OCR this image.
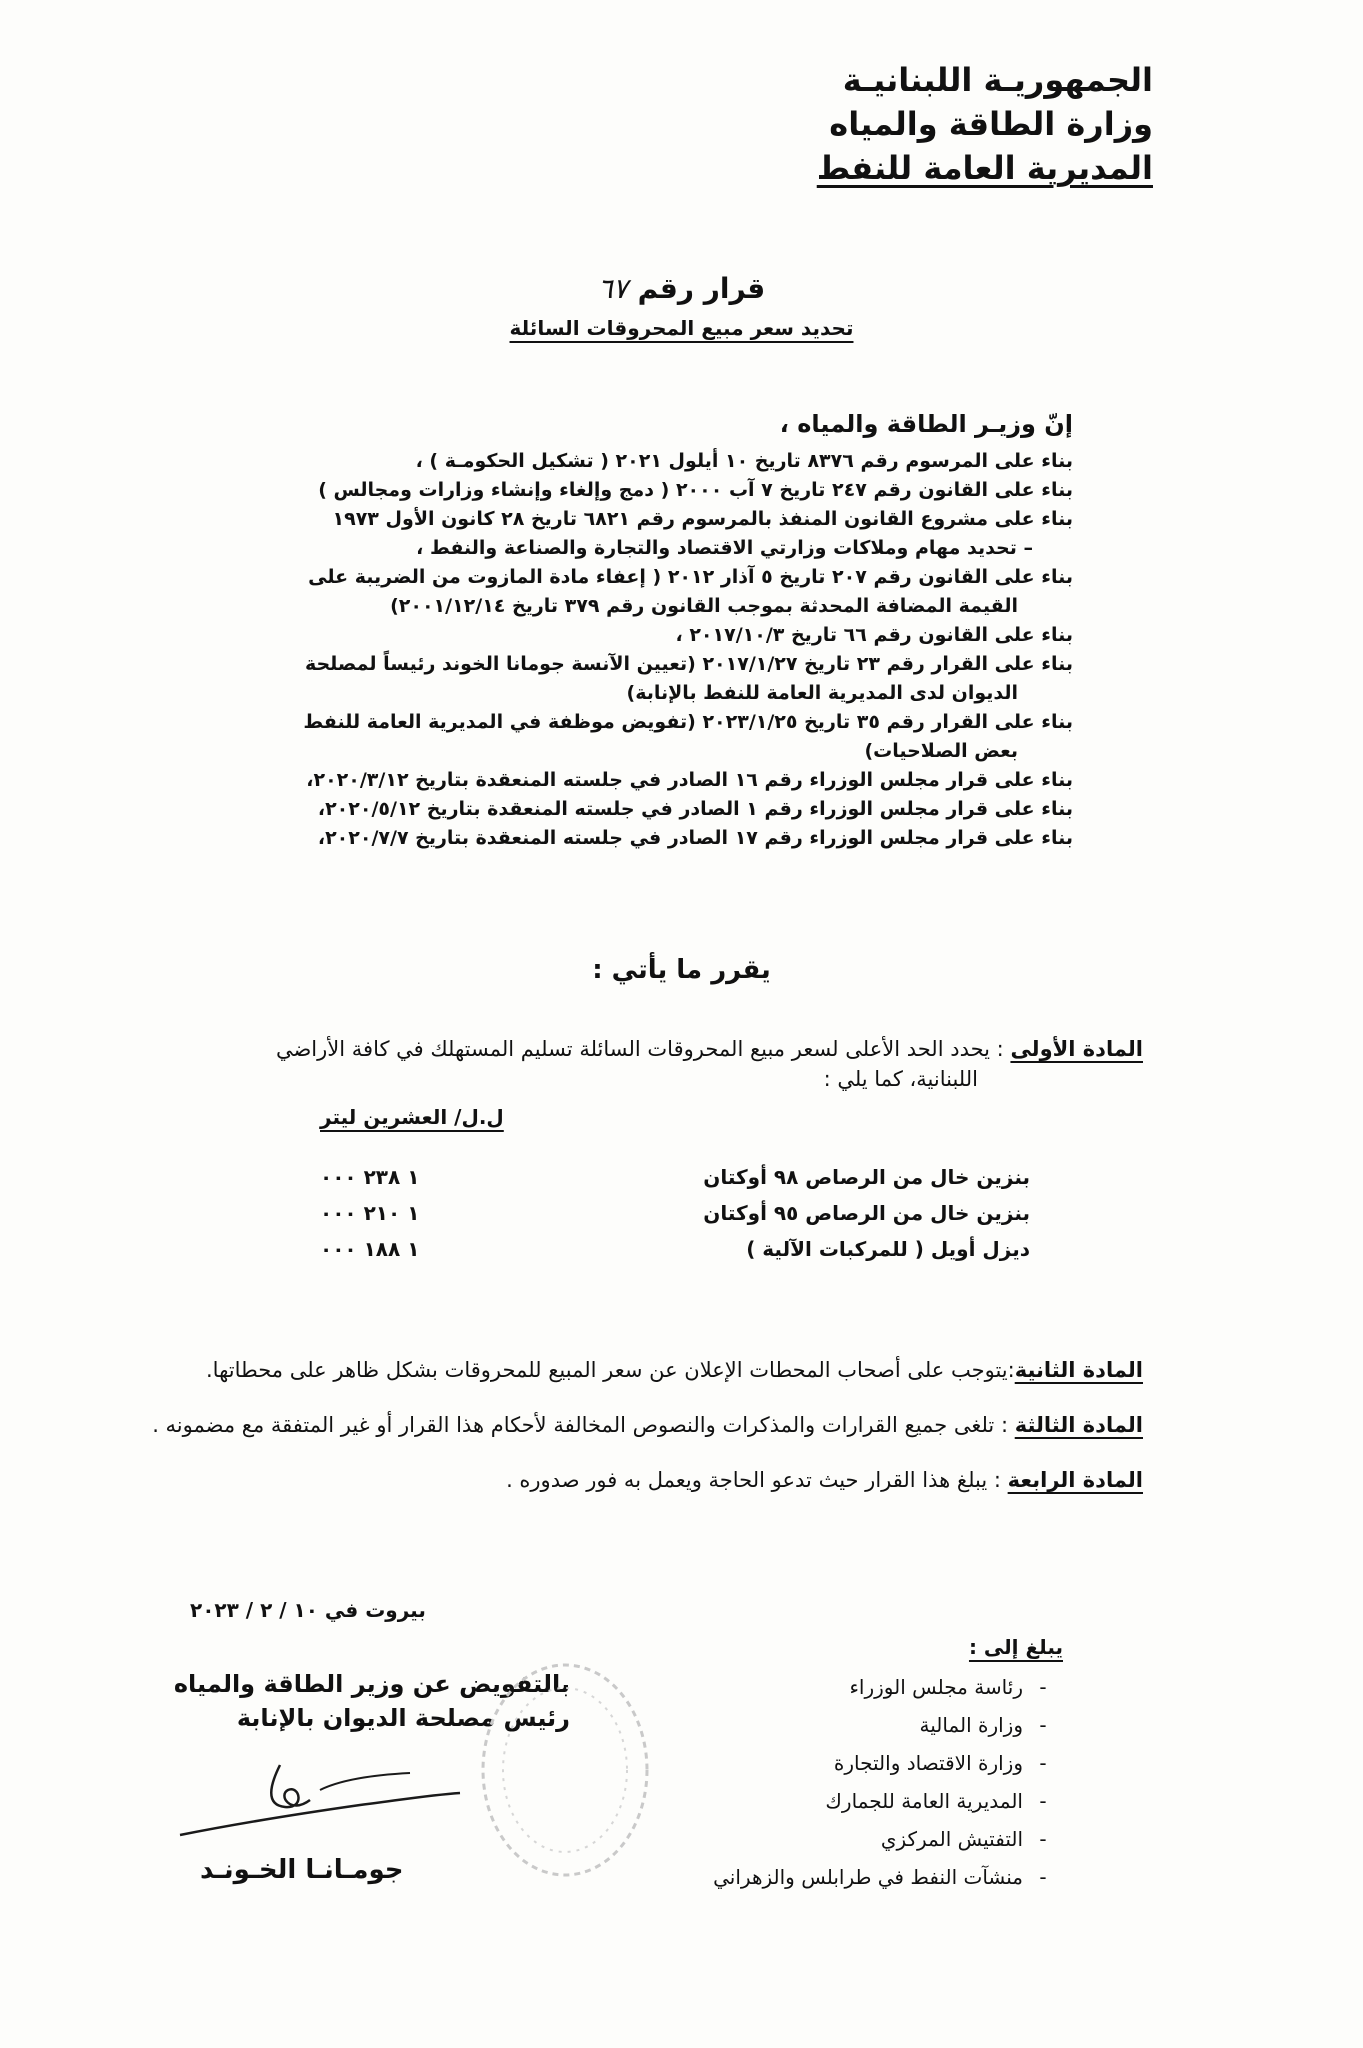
الجمهوريـة اللبنانيـة
وزارة الطاقة والمياه
المديرية العامة للنفط
قرار رقم ٦٧
تحديد سعر مبيع المحروقات السائلة
إنّ وزيـر الطاقة والمياه ،
بناء على المرسوم رقم ٨٣٧٦ تاريخ ١٠ أيلول ٢٠٢١ ( تشكيل الحكومـة ) ،
بناء على القانون رقم ٢٤٧ تاريخ ٧ آب ٢٠٠٠ ( دمج وإلغاء وإنشاء وزارات ومجالس )
بناء على مشروع القانون المنفذ بالمرسوم رقم ٦٨٢١ تاريخ ٢٨ كانون الأول ١٩٧٣
– تحديد مهام وملاكات وزارتي الاقتصاد والتجارة والصناعة والنفط ،
بناء على القانون رقم ٢٠٧ تاريخ ٥ آذار ٢٠١٢ ( إعفاء مادة المازوت من الضريبة على
القيمة المضافة المحدثة بموجب القانون رقم ٣٧٩ تاريخ ٢٠٠١/١٢/١٤)
بناء على القانون رقم ٦٦ تاريخ ٢٠١٧/١٠/٣ ،
بناء على القرار رقم ٢٣ تاريخ ٢٠١٧/١/٢٧ (تعيين الآنسة جومانا الخوند رئيساً لمصلحة
الديوان لدى المديرية العامة للنفط بالإنابة)
بناء على القرار رقم ٣٥ تاريخ ٢٠٢٣/١/٢٥ (تفويض موظفة في المديرية العامة للنفط
بعض الصلاحيات)
بناء على قرار مجلس الوزراء رقم ١٦ الصادر في جلسته المنعقدة بتاريخ ٢٠٢٠/٣/١٢،
بناء على قرار مجلس الوزراء رقم ١ الصادر في جلسته المنعقدة بتاريخ ٢٠٢٠/٥/١٢،
بناء على قرار مجلس الوزراء رقم ١٧ الصادر في جلسته المنعقدة بتاريخ ٢٠٢٠/٧/٧،
يقرر ما يأتي :
المادة الأولى : يحدد الحد الأعلى لسعر مبيع المحروقات السائلة تسليم المستهلك في كافة الأراضي
اللبنانية، كما يلي :
ل.ل/ العشرين ليتر
بنزين خال من الرصاص ٩٨ أوكتان
١ ٢٣٨ ٠٠٠
بنزين خال من الرصاص ٩٥ أوكتان
١ ٢١٠ ٠٠٠
ديزل أويل ( للمركبات الآلية )
١ ١٨٨ ٠٠٠
المادة الثانية:يتوجب على أصحاب المحطات الإعلان عن سعر المبيع للمحروقات بشكل ظاهر على محطاتها.
المادة الثالثة : تلغى جميع القرارات والمذكرات والنصوص المخالفة لأحكام هذا القرار أو غير المتفقة مع مضمونه .
المادة الرابعة : يبلغ هذا القرار حيث تدعو الحاجة ويعمل به فور صدوره .
بيروت في ١٠ / ٢ / ٢٠٢٣
بالتفويض عن وزير الطاقة والمياه
رئيس مصلحة الديوان بالإنابة
جومـانـا الخـونـد
يبلغ إلى :
-رئاسة مجلس الوزراء
-وزارة المالية
-وزارة الاقتصاد والتجارة
-المديرية العامة للجمارك
-التفتيش المركزي
-منشآت النفط في طرابلس والزهراني
